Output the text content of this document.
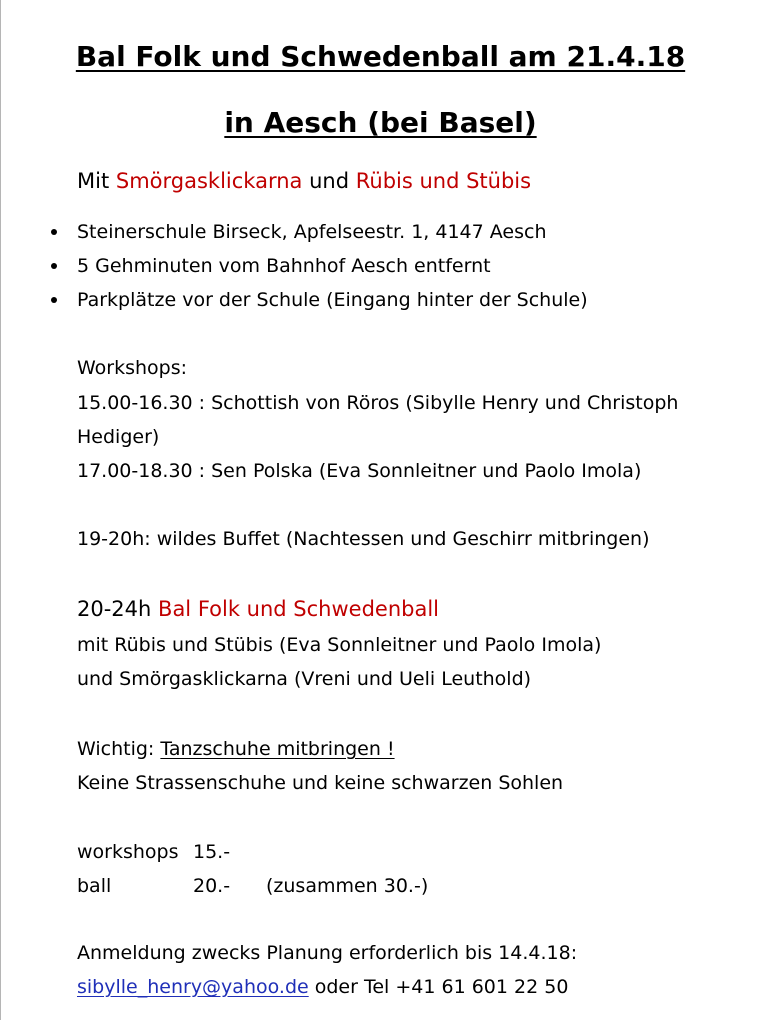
Bal Folk und Schwedenball am 21.4.18
in Aesch (bei Basel)
Mit Smörgasklickarna und Rübis und Stübis
Steinerschule Birseck, Apfelseestr. 1, 4147 Aesch
5 Gehminuten vom Bahnhof Aesch entfernt
Parkplätze vor der Schule (Eingang hinter der Schule)
Workshops:
15.00-16.30 : Schottish von Röros (Sibylle Henry und Christoph
Hediger)
17.00-18.30 : Sen Polska (Eva Sonnleitner und Paolo Imola)
19-20h: wildes Buffet (Nachtessen und Geschirr mitbringen)
20-24h Bal Folk und Schwedenball
mit Rübis und Stübis (Eva Sonnleitner und Paolo Imola)
und Smörgasklickarna (Vreni und Ueli Leuthold)
Wichtig: Tanzschuhe mitbringen !
Keine Strassenschuhe und keine schwarzen Sohlen
workshops 15.-
ball	20.- (zusammen 30.-)
Anmeldung zwecks Planung erforderlich bis 14.4.18:
sibylle_henry@yahoo.de oder Tel +41 61 601 22 50
